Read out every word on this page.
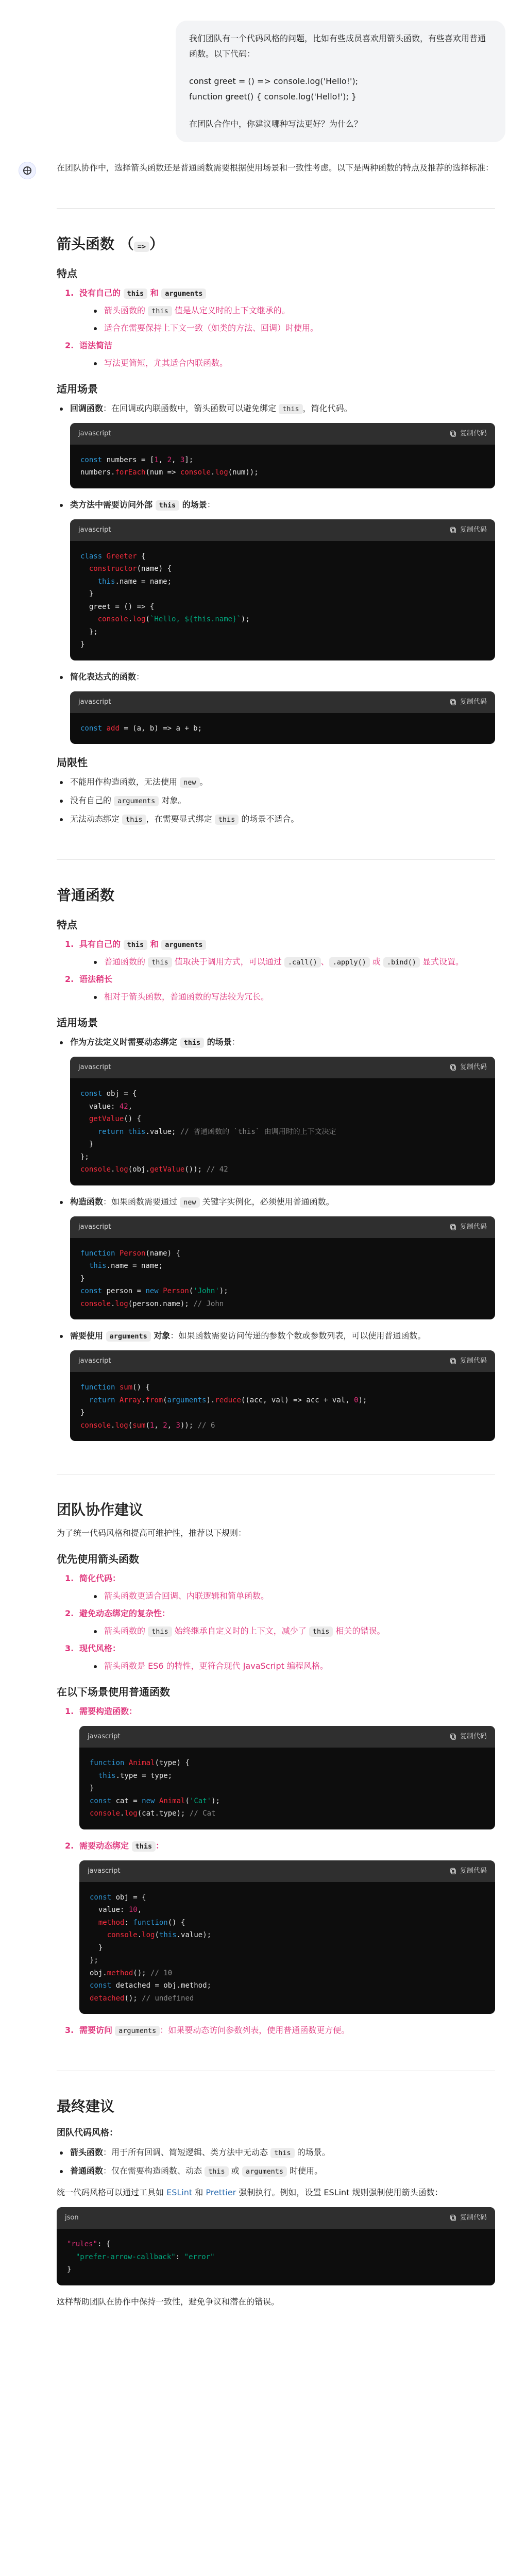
我们团队有一个代码风格的问题，比如有些成员喜欢用箭头函数，有些喜欢用普通函数。以下代码：

const greet = () => console.log('Hello!');

function greet() { console.log('Hello!'); }

在团队合作中，你建议哪种写法更好？为什么？

在团队协作中，选择箭头函数还是普通函数需要根据使用场景和一致性考虑。以下是两种函数的特点及推荐的选择标准：

箭头函数 （ => ）
特点
1. 没有自己的 this 和 arguments
箭头函数的 this 值是从定义时的上下文继承的。
适合在需要保持上下文一致（如类的方法、回调）时使用。
2. 语法简洁
写法更简短，尤其适合内联函数。
适用场景
回调函数：在回调或内联函数中，箭头函数可以避免绑定 this ，简化代码。
javascript	复制代码
const numbers = [1, 2, 3];
numbers.forEach(num => console.log(num));
类方法中需要访问外部 this 的场景：
javascript	复制代码
class Greeter {
constructor(name) {
this.name = name;
}
greet = () => {
console.log(`Hello, ${this.name}`);
};
}
简化表达式的函数：
javascript	复制代码
const add = (a, b) => a + b;
局限性
不能用作构造函数，无法使用 new 。
没有自己的 arguments 对象。
无法动态绑定 this ，在需要显式绑定 this 的场景不适合。
普通函数
特点
1. 具有自己的 this 和 arguments
普通函数的 this 值取决于调用方式，可以通过 .call() 、 .apply() 或 .bind() 显式设置。
2. 语法稍长
相对于箭头函数，普通函数的写法较为冗长。
适用场景
作为方法定义时需要动态绑定 this 的场景：
javascript	复制代码
const obj = {
value: 42,
getValue() {
return this.value; // 普通函数的 `this` 由调用时的上下文决定
}
};
console.log(obj.getValue()); // 42
构造函数：如果函数需要通过 new 关键字实例化，必须使用普通函数。
javascript	复制代码
function Person(name) {
this.name = name;
}
const person = new Person('John');
console.log(person.name); // John
需要使用 arguments 对象：如果函数需要访问传递的参数个数或参数列表，可以使用普通函数。
javascript	复制代码
function sum() {
return Array.from(arguments).reduce((acc, val) => acc + val, 0);
}
console.log(sum(1, 2, 3)); // 6
团队协作建议

为了统一代码风格和提高可维护性，推荐以下规则：

优先使用箭头函数
1. 简化代码：
箭头函数更适合回调、内联逻辑和简单函数。
2. 避免动态绑定的复杂性：
箭头函数的 this 始终继承自定义时的上下文，减少了 this 相关的错误。
3. 现代风格：
箭头函数是 ES6 的特性，更符合现代 JavaScript 编程风格。
在以下场景使用普通函数
1. 需要构造函数：
javascript	复制代码
function Animal(type) {
this.type = type;
}
const cat = new Animal('Cat');
console.log(cat.type); // Cat
2. 需要动态绑定 this ：
javascript	复制代码
const obj = {
value: 10,
method: function() {
console.log(this.value);
}
};
obj.method(); // 10
const detached = obj.method;
detached(); // undefined
3. 需要访问 arguments ：如果要动态访问参数列表，使用普通函数更方便。
最终建议
团队代码风格：
箭头函数：用于所有回调、简短逻辑、类方法中无动态 this 的场景。
普通函数：仅在需要构造函数、动态 this 或 arguments 时使用。

统一代码风格可以通过工具如 ESLint 和 Prettier 强制执行。例如，设置 ESLint 规则强制使用箭头函数：

json	复制代码
"rules": {
"prefer-arrow-callback": "error"
}

这样帮助团队在协作中保持一致性，避免争议和潜在的错误。
